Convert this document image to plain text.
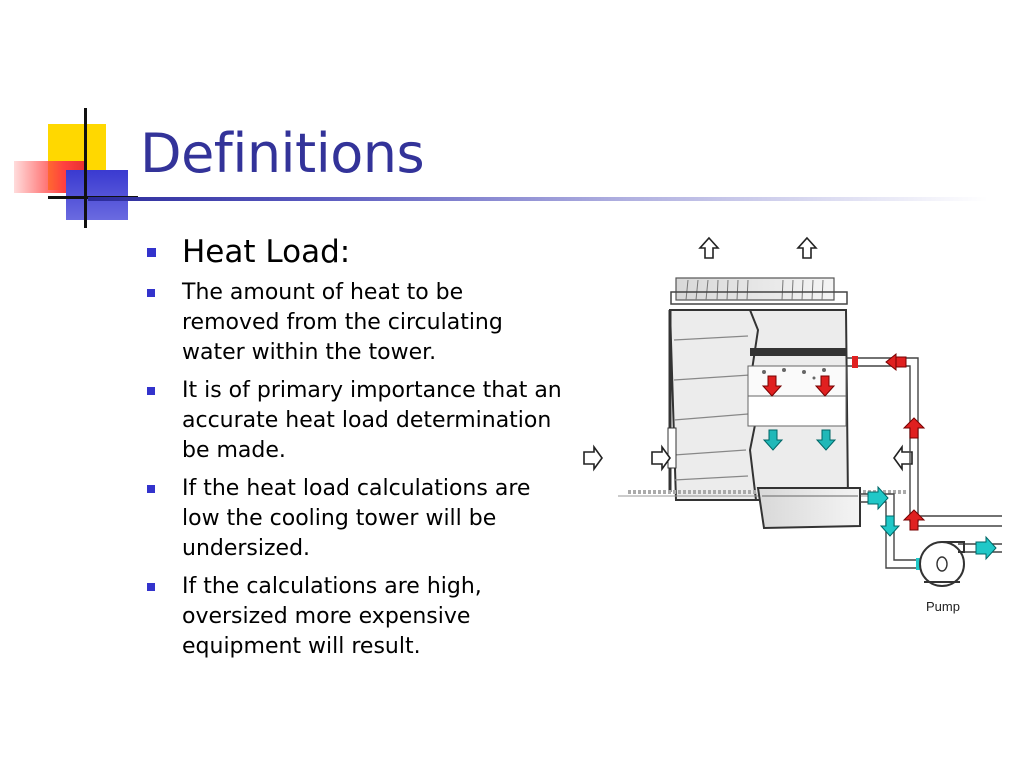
Definitions
Heat Load:
The amount of heat to be removed from the circulating water within the tower.
It is of primary importance that an accurate heat load determination be made.
If the heat load calculations are low the cooling tower will be undersized.
If the calculations are high, oversized more expensive equipment will result.
Pump
